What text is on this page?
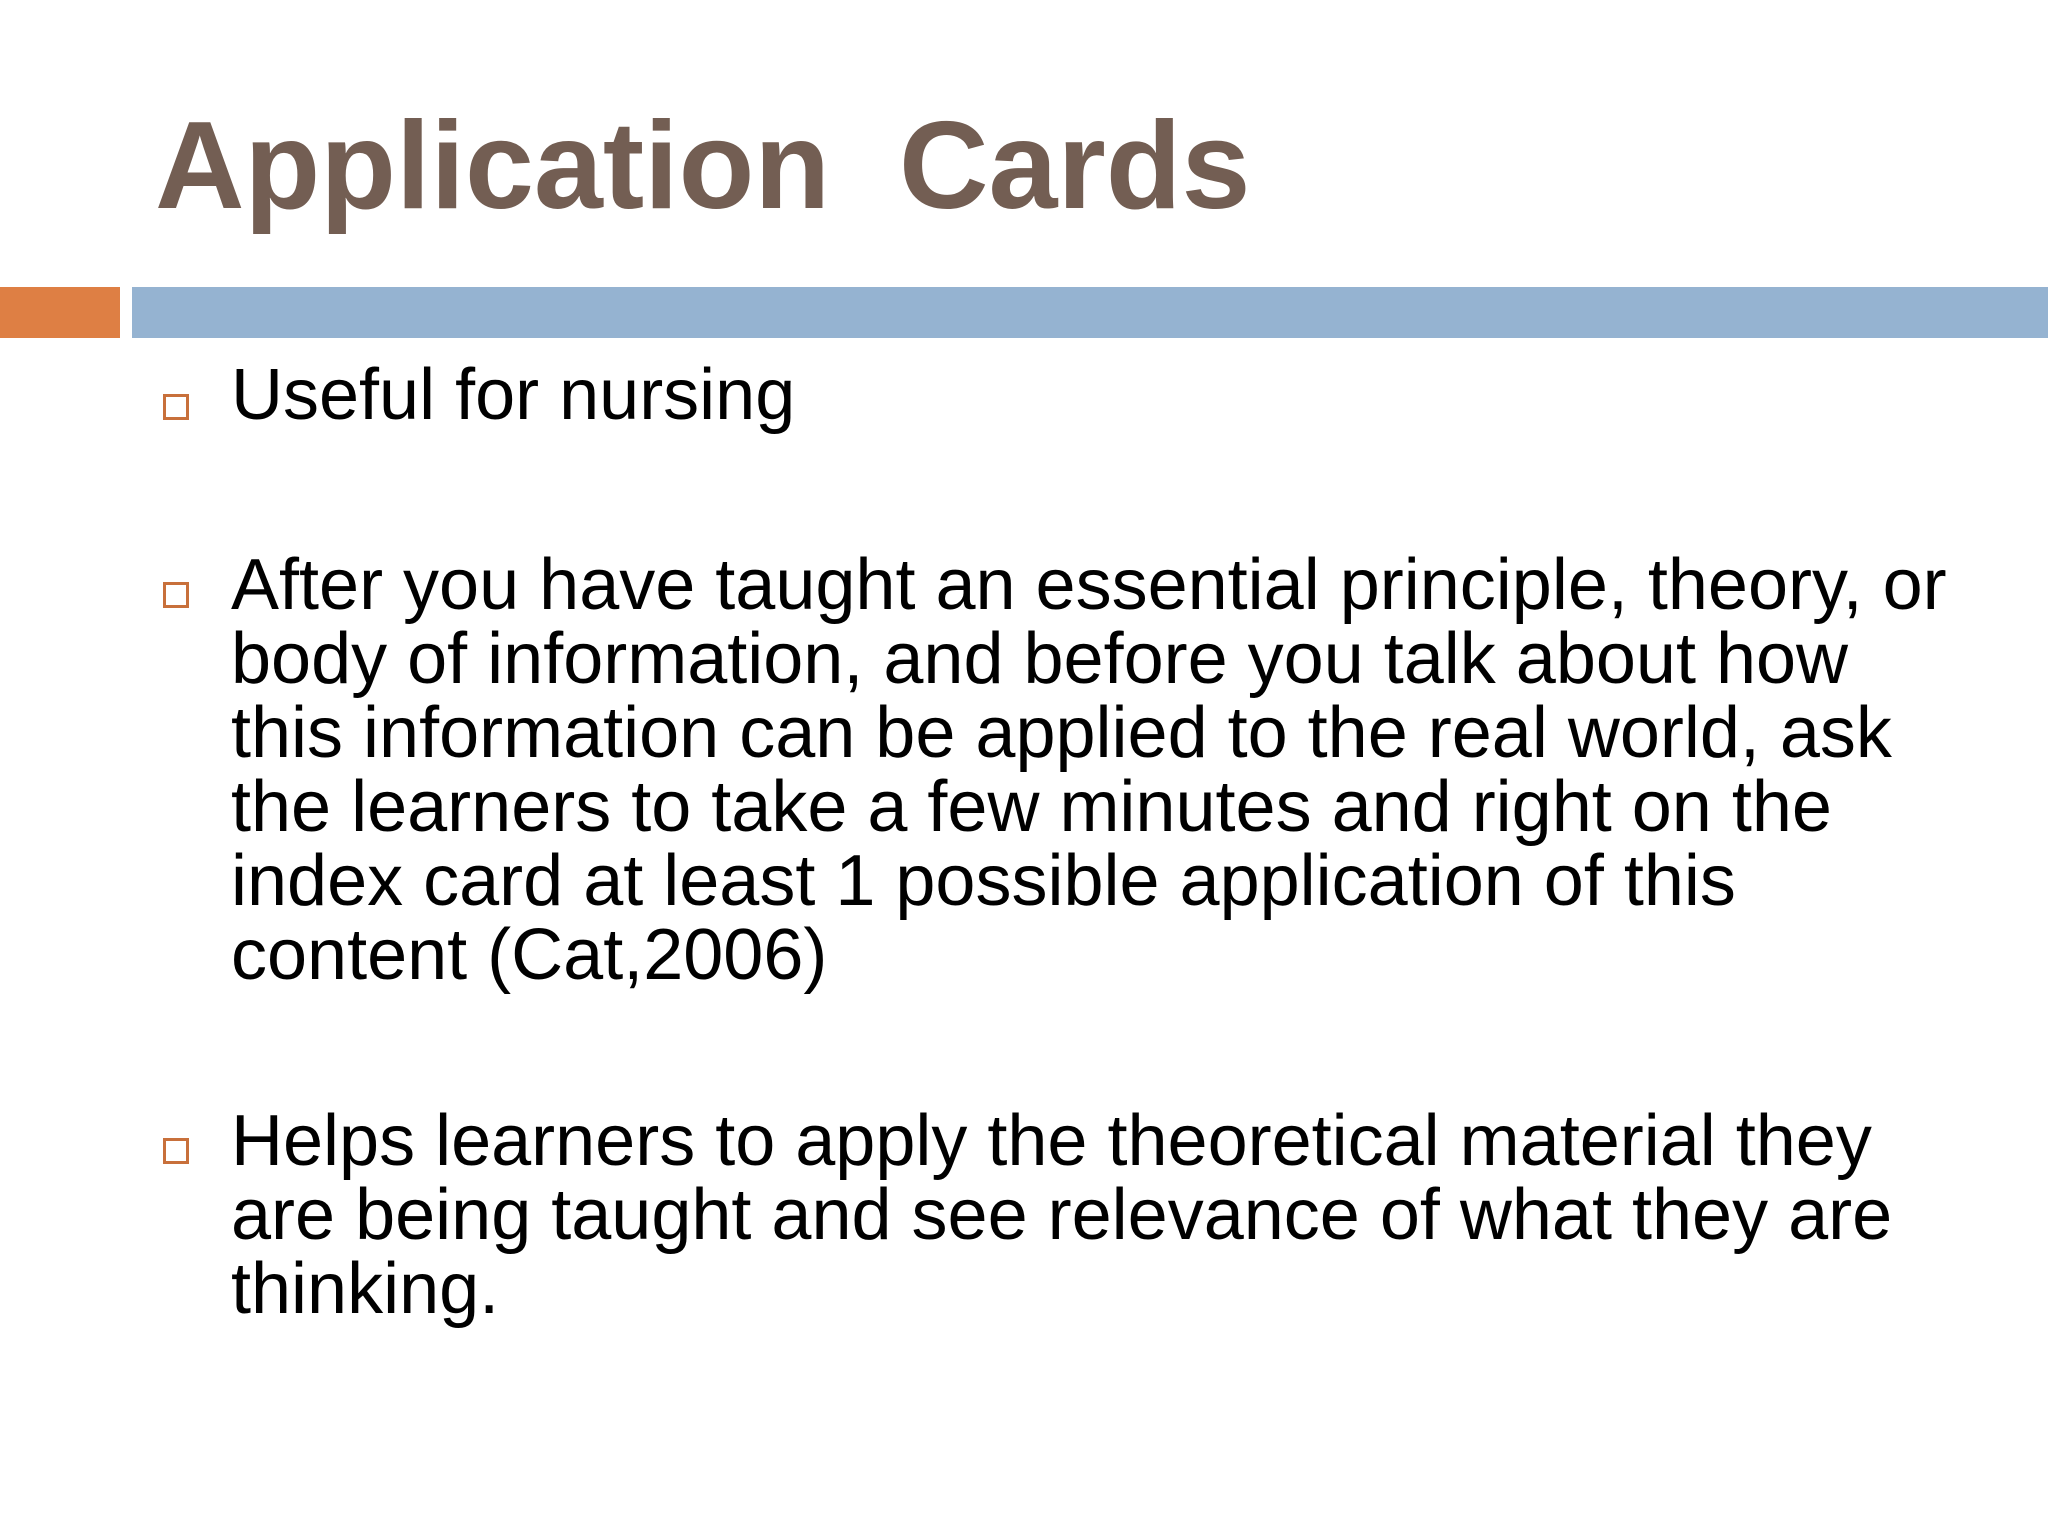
Application  Cards

Useful for nursing

After you have taught an essential principle, theory, or body of information, and before you talk about how this information can be applied to the real world, ask the learners to take a few minutes and right on the index card at least 1 possible application of this content (Cat,2006)

Helps learners to apply the theoretical material they are being taught and see relevance of what they are thinking.
